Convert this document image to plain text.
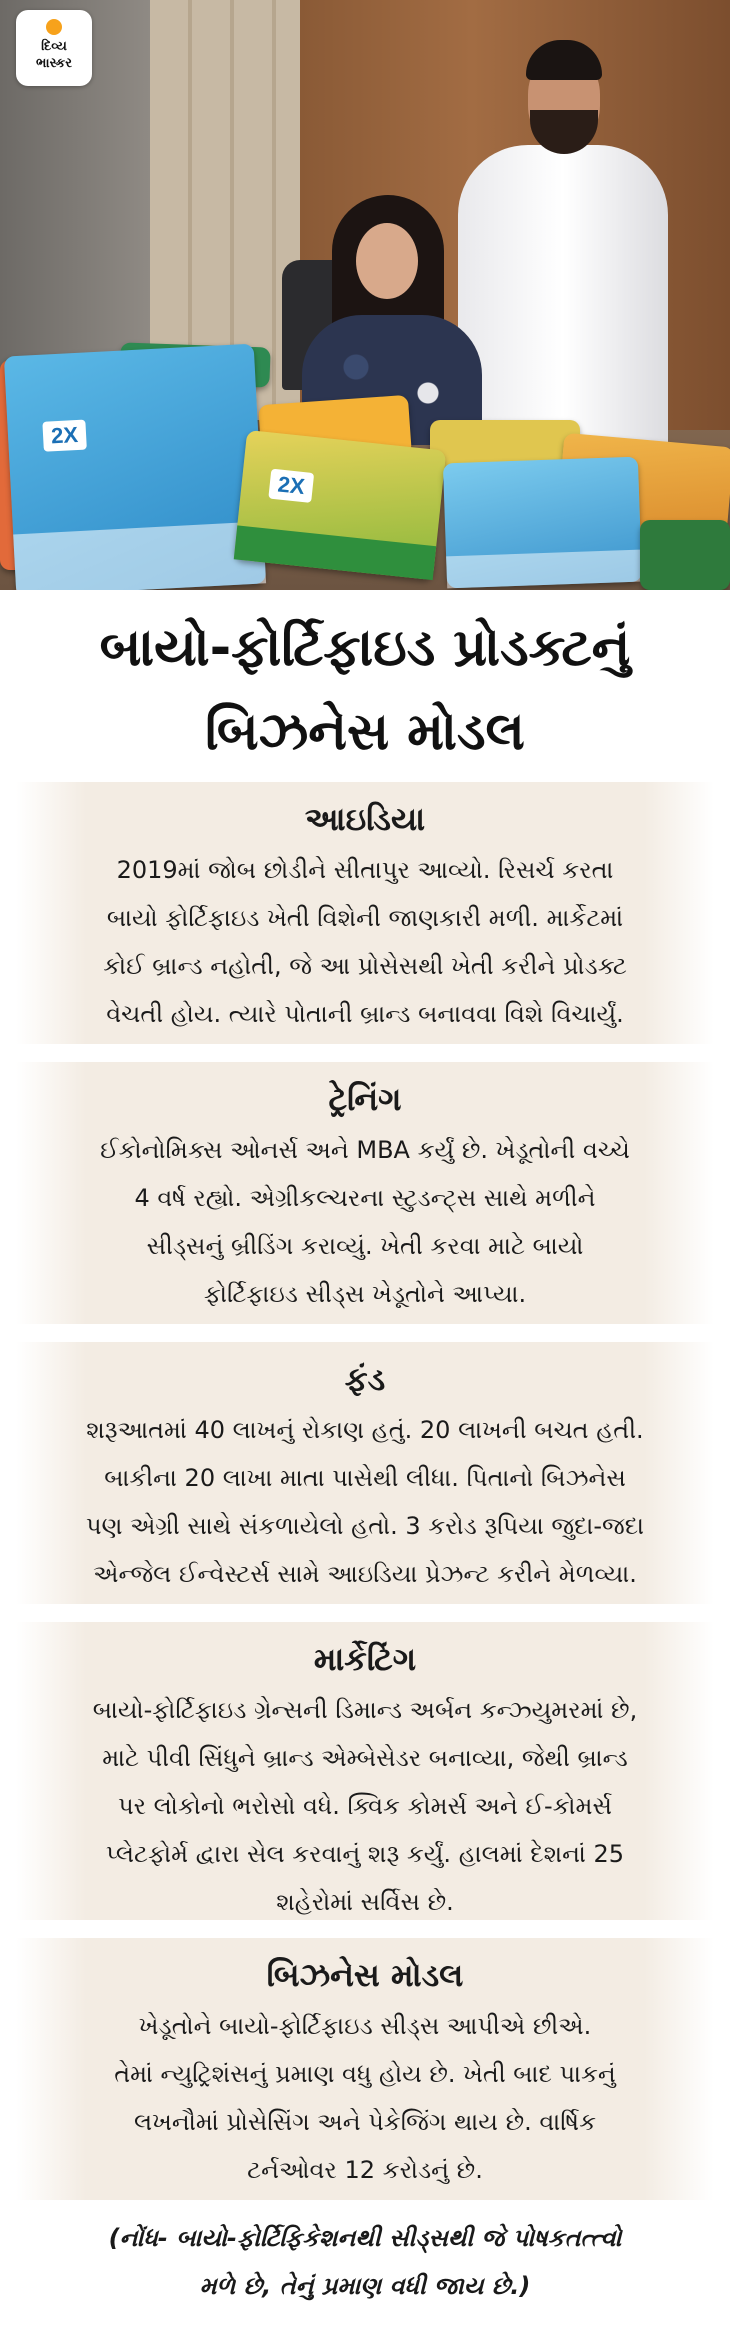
2X
2X
દિવ્ય
ભાસ્કર
બાયો-ફોર્ટિફાઇડ પ્રોડક્ટનું
બિઝનેસ મોડલ
આઇડિયા

2019માં જોબ છોડીને સીતાપુર આવ્યો. રિસર્ચ કરતા
બાયો ફોર્ટિફાઇડ ખેતી વિશેની જાણકારી મળી. માર્કેટમાં
કોઈ બ્રાન્ડ નહોતી, જે આ પ્રોસેસથી ખેતી કરીને પ્રોડક્ટ
વેચતી હોય. ત્યારે પોતાની બ્રાન્ડ બનાવવા વિશે વિચાર્યું.

ટ્રેનિંગ

ઈકોનોમિક્સ ઓનર્સ અને MBA કર્યું છે. ખેડૂતોની વચ્ચે
4 વર્ષ રહ્યો. એગ્રીકલ્ચરના સ્ટુડન્ટ્સ સાથે મળીને
સીડ્સનું બ્રીડિંગ કરાવ્યું. ખેતી કરવા માટે બાયો
ફોર્ટિફાઇડ સીડ્સ ખેડૂતોને આપ્યા.

ફંડ

શરૂઆતમાં 40 લાખનું રોકાણ હતું. 20 લાખની બચત હતી.
બાકીના 20 લાખા માતા પાસેથી લીધા. પિતાનો બિઝનેસ
પણ એગ્રી સાથે સંકળાયેલો હતો. 3 કરોડ રૂપિયા જુદા-જદા
એન્જેલ ઈન્વેસ્ટર્સ સામે આઇડિયા પ્રેઝન્ટ કરીને મેળવ્યા.

માર્કેટિંગ

બાયો-ફોર્ટિફાઇડ ગ્રેન્સની ડિમાન્ડ અર્બન કન્ઝ્યુમરમાં છે,
માટે પીવી સિંધુને બ્રાન્ડ એમ્બેસેડર બનાવ્યા, જેથી બ્રાન્ડ
પર લોકોનો ભરોસો વધે. ક્વિક કોમર્સ અને ઈ-કોમર્સ
પ્લેટફોર્મ દ્વારા સેલ કરવાનું શરૂ કર્યું. હાલમાં દેશનાં 25
શહેરોમાં સર્વિસ છે.

બિઝનેસ મોડલ

ખેડૂતોને બાયો-ફોર્ટિફાઇડ સીડ્સ આપીએ છીએ.
તેમાં ન્યુટ્રિશંસનું પ્રમાણ વધુ હોય છે. ખેતી બાદ પાકનું
લખનૌમાં પ્રોસેસિંગ અને પેકેજિંગ થાય છે. વાર્ષિક
ટર્નઓવર 12 કરોડનું છે.

(નોંધ- બાયો-ફોર્ટિફિકેશનથી સીડ્સથી જે પોષકતત્ત્વો
મળે છે, તેનું પ્રમાણ વધી જાય છે.)
